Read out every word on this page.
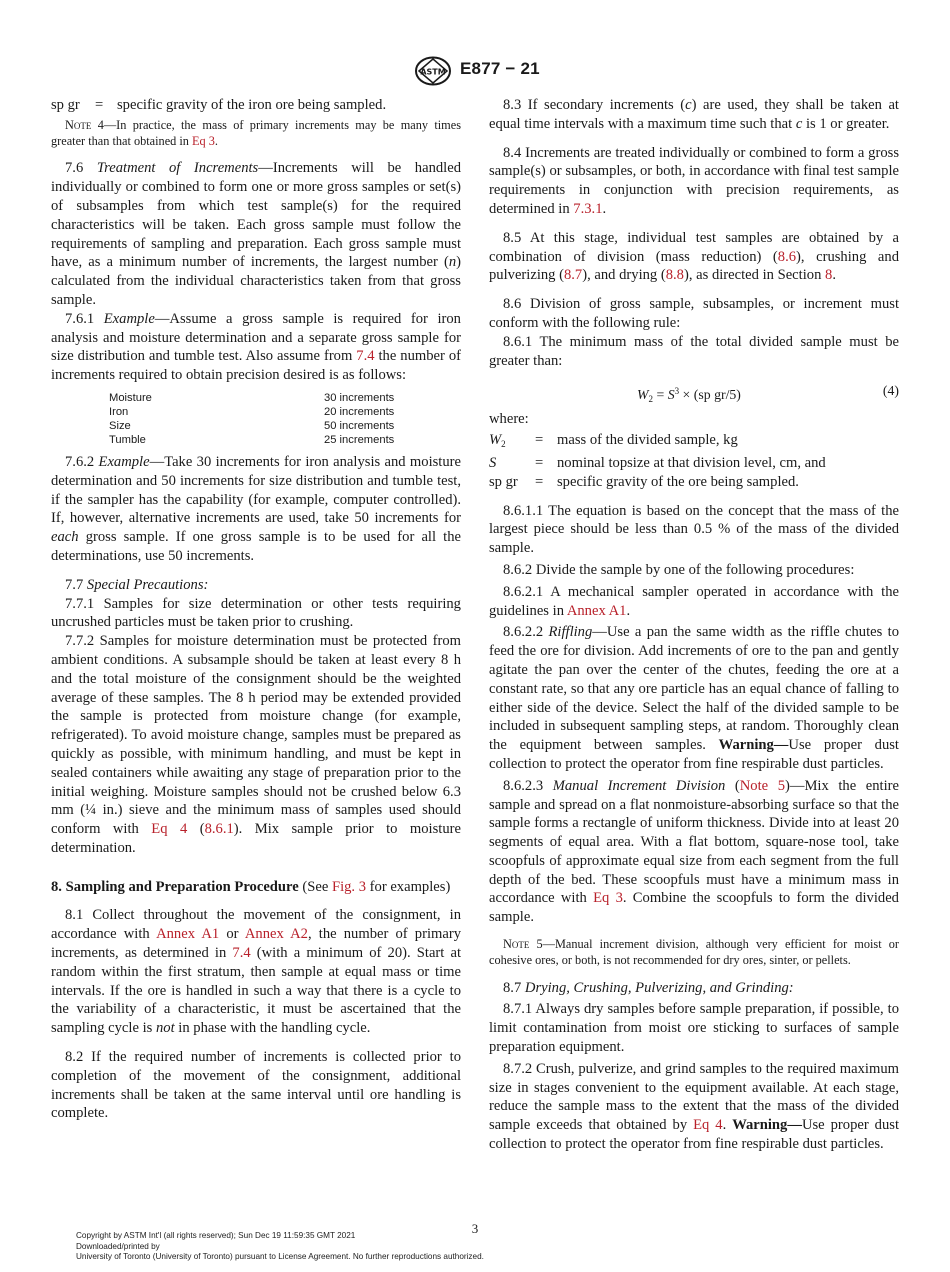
ASTM E877 − 21
sp gr	=	specific gravity of the iron ore being sampled.

Note 4—In practice, the mass of primary increments may be many times greater than that obtained in Eq 3.

7.6 Treatment of Increments—Increments will be handled individually or combined to form one or more gross samples or set(s) of subsamples from which test sample(s) for the required characteristics will be taken. Each gross sample must follow the requirements of sampling and preparation. Each gross sample must have, as a minimum number of increments, the largest number (n) calculated from the individual characteristics taken from that gross sample.

7.6.1 Example—Assume a gross sample is required for iron analysis and moisture determination and a separate gross sample for size distribution and tumble test. Also assume from 7.4 the number of increments required to obtain precision desired is as follows:

Moisture	30 increments
Iron	20 increments
Size	50 increments
Tumble	25 increments

7.6.2 Example—Take 30 increments for iron analysis and moisture determination and 50 increments for size distribution and tumble test, if the sampler has the capability (for example, computer controlled). If, however, alternative increments are used, take 50 increments for each gross sample. If one gross sample is to be used for all the determinations, use 50 increments.

7.7 Special Precautions:

7.7.1 Samples for size determination or other tests requiring uncrushed particles must be taken prior to crushing.

7.7.2 Samples for moisture determination must be protected from ambient conditions. A subsample should be taken at least every 8 h and the total moisture of the consignment should be the weighted average of these samples. The 8 h period may be extended provided the sample is protected from moisture change (for example, refrigerated). To avoid moisture change, samples must be prepared as quickly as possible, with minimum handling, and must be kept in sealed containers while awaiting any stage of preparation prior to the initial weighing. Moisture samples should not be crushed below 6.3 mm (¼ in.) sieve and the minimum mass of samples used should conform with Eq 4 (8.6.1). Mix sample prior to moisture determination.

8. Sampling and Preparation Procedure (See Fig. 3 for examples)

8.1 Collect throughout the movement of the consignment, in accordance with Annex A1 or Annex A2, the number of primary increments, as determined in 7.4 (with a minimum of 20). Start at random within the first stratum, then sample at equal mass or time intervals. If the ore is handled in such a way that there is a cycle to the variability of a characteristic, it must be ascertained that the sampling cycle is not in phase with the handling cycle.

8.2 If the required number of increments is collected prior to completion of the movement of the consignment, additional increments shall be taken at the same interval until ore handling is complete.

8.3 If secondary increments (c) are used, they shall be taken at equal time intervals with a maximum time such that c is 1 or greater.

8.4 Increments are treated individually or combined to form a gross sample(s) or subsamples, or both, in accordance with final test sample requirements in conjunction with precision requirements, as determined in 7.3.1.

8.5 At this stage, individual test samples are obtained by a combination of division (mass reduction) (8.6), crushing and pulverizing (8.7), and drying (8.8), as directed in Section 8.

8.6 Division of gross sample, subsamples, or increment must conform with the following rule:

8.6.1 The minimum mass of the total divided sample must be greater than:

$W_2 = S^3 \times (sp$ gr/5)	(4)

where:

$W_2$	=	mass of the divided sample, kg
S	=	nominal topsize at that division level, cm, and
sp gr	=	specific gravity of the ore being sampled.

8.6.1.1 The equation is based on the concept that the mass of the largest piece should be less than 0.5 % of the mass of the divided sample.

8.6.2 Divide the sample by one of the following procedures:

8.6.2.1 A mechanical sampler operated in accordance with the guidelines in Annex A1.

8.6.2.2 Riffling—Use a pan the same width as the riffle chutes to feed the ore for division. Add increments of ore to the pan and gently agitate the pan over the center of the chutes, feeding the ore at a constant rate, so that any ore particle has an equal chance of falling to either side of the device. Select the half of the divided sample to be included in subsequent sampling steps, at random. Thoroughly clean the equipment between samples. Warning—Use proper dust collection to protect the operator from fine respirable dust particles.

8.6.2.3 Manual Increment Division (Note 5)—Mix the entire sample and spread on a flat nonmoisture-absorbing surface so that the sample forms a rectangle of uniform thickness. Divide into at least 20 segments of equal area. With a flat bottom, square-nose tool, take scoopfuls of approximate equal size from each segment from the full depth of the bed. These scoopfuls must have a minimum mass in accordance with Eq 3. Combine the scoopfuls to form the divided sample.

Note 5—Manual increment division, although very efficient for moist or cohesive ores, or both, is not recommended for dry ores, sinter, or pellets.

8.7 Drying, Crushing, Pulverizing, and Grinding:

8.7.1 Always dry samples before sample preparation, if possible, to limit contamination from moist ore sticking to surfaces of sample preparation equipment.

8.7.2 Crush, pulverize, and grind samples to the required maximum size in stages convenient to the equipment available. At each stage, reduce the sample mass to the extent that the mass of the divided sample exceeds that obtained by Eq 4. Warning—Use proper dust collection to protect the operator from fine respirable dust particles.

3
Copyright by ASTM Int'l (all rights reserved); Sun Dec 19 11:59:35 GMT 2021
Downloaded/printed by
University of Toronto (University of Toronto) pursuant to License Agreement. No further reproductions authorized.
